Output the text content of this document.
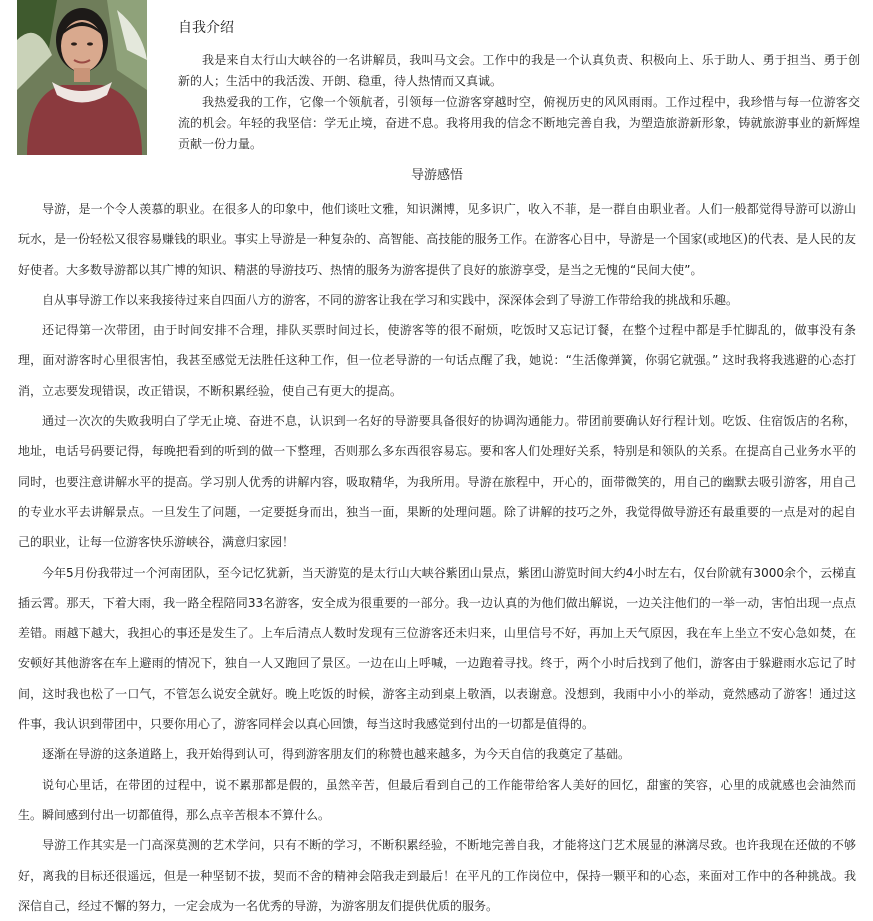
自我介绍

我是来自太行山大峡谷的一名讲解员，我叫马文会。工作中的我是一个认真负责、积极向上、乐于助人、勇于担当、勇于创新的人；生活中的我活泼、开朗、稳重，待人热情而又真诚。

我热爱我的工作，它像一个领航者，引领每一位游客穿越时空，俯视历史的风风雨雨。工作过程中，我珍惜与每一位游客交流的机会。年轻的我坚信：学无止境，奋进不息。我将用我的信念不断地完善自我，为塑造旅游新形象，铸就旅游事业的新辉煌贡献一份力量。

导游感悟

导游，是一个令人羡慕的职业。在很多人的印象中，他们谈吐文雅，知识渊博，见多识广，收入不菲，是一群自由职业者。人们一般都觉得导游可以游山玩水，是一份轻松又很容易赚钱的职业。事实上导游是一种复杂的、高智能、高技能的服务工作。在游客心目中，导游是一个国家(或地区)的代表、是人民的友好使者。大多数导游都以其广博的知识、精湛的导游技巧、热情的服务为游客提供了良好的旅游享受，是当之无愧的“民间大使”。

自从事导游工作以来我接待过来自四面八方的游客，不同的游客让我在学习和实践中，深深体会到了导游工作带给我的挑战和乐趣。

还记得第一次带团，由于时间安排不合理，排队买票时间过长，使游客等的很不耐烦，吃饭时又忘记订餐，在整个过程中都是手忙脚乱的，做事没有条理，面对游客时心里很害怕，我甚至感觉无法胜任这种工作，但一位老导游的一句话点醒了我，她说：“生活像弹簧，你弱它就强。” 这时我将我逃避的心态打消，立志要发现错误，改正错误，不断积累经验，使自己有更大的提高。

通过一次次的失败我明白了学无止境、奋进不息，认识到一名好的导游要具备很好的协调沟通能力。带团前要确认好行程计划。吃饭、住宿饭店的名称，地址，电话号码要记得，每晚把看到的听到的做一下整理，否则那么多东西很容易忘。要和客人们处理好关系，特别是和领队的关系。在提高自己业务水平的同时，也要注意讲解水平的提高。学习别人优秀的讲解内容，吸取精华，为我所用。导游在旅程中，开心的，面带微笑的，用自己的幽默去吸引游客，用自己的专业水平去讲解景点。一旦发生了问题，一定要挺身而出，独当一面，果断的处理问题。除了讲解的技巧之外，我觉得做导游还有最重要的一点是对的起自己的职业，让每一位游客快乐游峡谷，满意归家园！

今年5月份我带过一个河南团队，至今记忆犹新，当天游览的是太行山大峡谷紫团山景点，紫团山游览时间大约4小时左右，仅台阶就有3000余个，云梯直插云霄。那天，下着大雨，我一路全程陪同33名游客，安全成为很重要的一部分。我一边认真的为他们做出解说，一边关注他们的一举一动，害怕出现一点点差错。雨越下越大，我担心的事还是发生了。上车后清点人数时发现有三位游客还未归来，山里信号不好，再加上天气原因，我在车上坐立不安心急如焚，在安顿好其他游客在车上避雨的情况下，独自一人又跑回了景区。一边在山上呼喊，一边跑着寻找。终于，两个小时后找到了他们，游客由于躲避雨水忘记了时间，这时我也松了一口气，不管怎么说安全就好。晚上吃饭的时候，游客主动到桌上敬酒，以表谢意。没想到，我雨中小小的举动，竟然感动了游客！通过这件事，我认识到带团中，只要你用心了，游客同样会以真心回馈，每当这时我感觉到付出的一切都是值得的。

逐渐在导游的这条道路上，我开始得到认可，得到游客朋友们的称赞也越来越多，为今天自信的我奠定了基础。

说句心里话，在带团的过程中，说不累那都是假的，虽然辛苦，但最后看到自己的工作能带给客人美好的回忆，甜蜜的笑容，心里的成就感也会油然而生。瞬间感到付出一切都值得，那么点辛苦根本不算什么。

导游工作其实是一门高深莫测的艺术学问，只有不断的学习，不断积累经验，不断地完善自我，才能将这门艺术展显的淋漓尽致。也许我现在还做的不够好，离我的目标还很遥远，但是一种坚韧不拔，契而不舍的精神会陪我走到最后！在平凡的工作岗位中，保持一颗平和的心态，来面对工作中的各种挑战。我深信自己，经过不懈的努力，一定会成为一名优秀的导游，为游客朋友们提供优质的服务。
